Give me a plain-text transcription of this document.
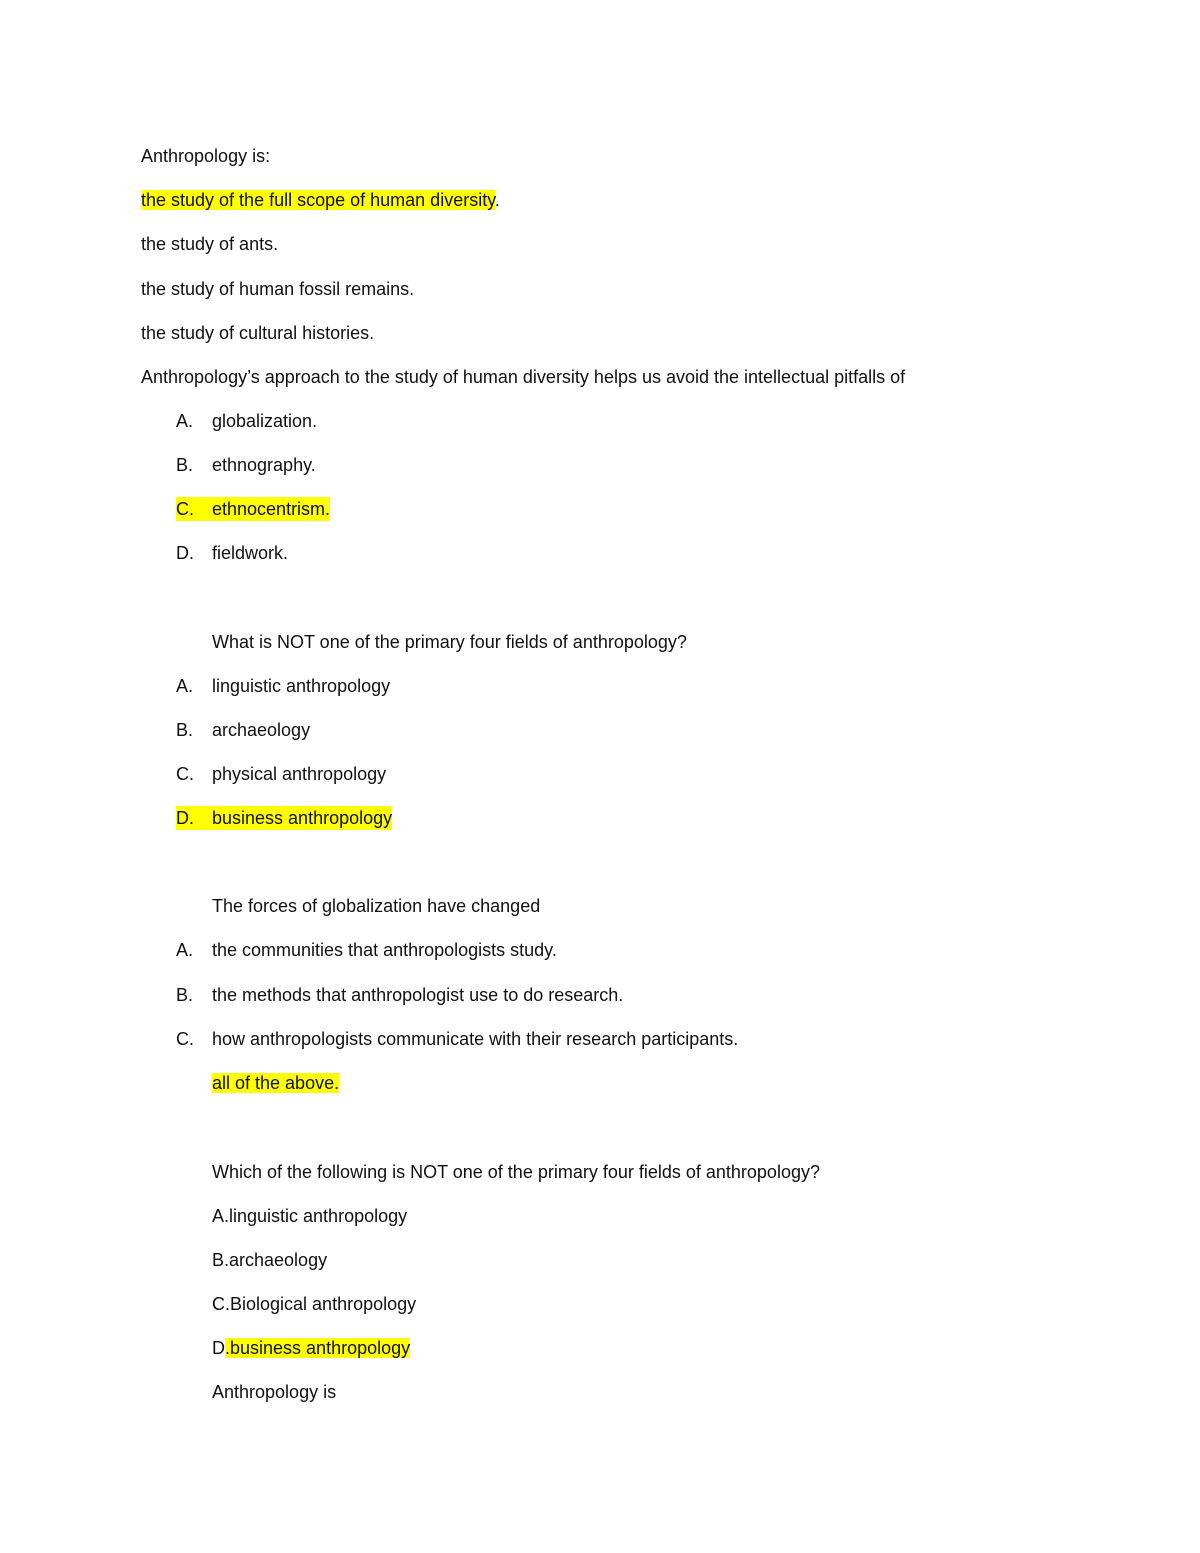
Anthropology is:
the study of the full scope of human diversity.
the study of ants.
the study of human fossil remains.
the study of cultural histories.
Anthropology’s approach to the study of human diversity helps us avoid the intellectual pitfalls of
A. globalization.
B. ethnography.
C. ethnocentrism.
D. fieldwork.
What is NOT one of the primary four fields of anthropology?
A. linguistic anthropology
B. archaeology
C. physical anthropology
D. business anthropology
The forces of globalization have changed
A. the communities that anthropologists study.
B. the methods that anthropologist use to do research.
C. how anthropologists communicate with their research participants.
all of the above.
Which of the following is NOT one of the primary four fields of anthropology?
A.linguistic anthropology
B.archaeology
C.Biological anthropology
D.business anthropology
Anthropology is
